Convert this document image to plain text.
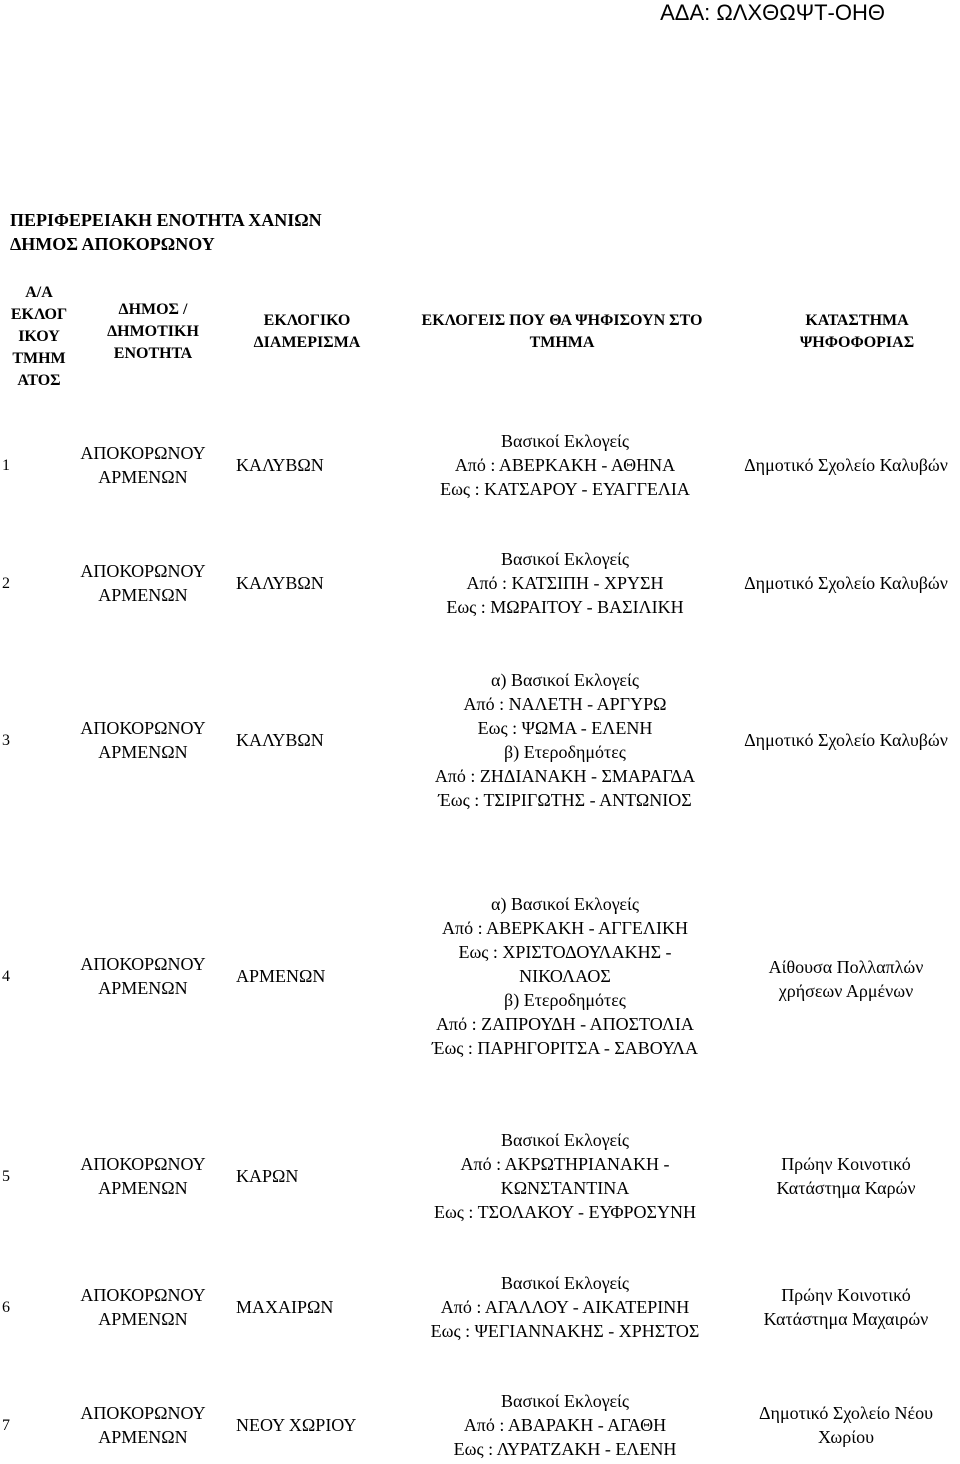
ΑΔΑ: ΩΛΧΘΩΨΤ-ΟΗΘ
ΠΕΡΙΦΕΡΕΙΑΚΗ ΕΝΟΤΗΤΑ ΧΑΝΙΩΝ
ΔΗΜΟΣ ΑΠΟΚΟΡΩΝΟΥ
Α/Α
ΕΚΛΟΓ
ΙΚΟΥ
ΤΜΗΜ
ΑΤΟΣ
ΔΗΜΟΣ /
ΔΗΜΟΤΙΚΗ
ΕΝΟΤΗΤΑ
ΕΚΛΟΓΙΚΟ
ΔΙΑΜΕΡΙΣΜΑ
ΕΚΛΟΓΕΙΣ ΠΟΥ ΘΑ ΨΗΦΙΣΟΥΝ ΣΤΟ
ΤΜΗΜΑ
ΚΑΤΑΣΤΗΜΑ
ΨΗΦΟΦΟΡΙΑΣ
1
ΑΠΟΚΟΡΩΝΟΥ
ΑΡΜΕΝΩΝ
ΚΑΛΥΒΩΝ
Βασικοί Εκλογείς
Από : ΑΒΕΡΚΑΚΗ - ΑΘΗΝΑ
Εως : ΚΑΤΣΑΡΟΥ - ΕΥΑΓΓΕΛΙΑ
Δημοτικό Σχολείο Καλυβών
2
ΑΠΟΚΟΡΩΝΟΥ
ΑΡΜΕΝΩΝ
ΚΑΛΥΒΩΝ
Βασικοί Εκλογείς
Από : ΚΑΤΣΙΠΗ - ΧΡΥΣΗ
Εως : ΜΩΡΑΙΤΟΥ - ΒΑΣΙΛΙΚΗ
Δημοτικό Σχολείο Καλυβών
3
ΑΠΟΚΟΡΩΝΟΥ
ΑΡΜΕΝΩΝ
ΚΑΛΥΒΩΝ
α) Βασικοί Εκλογείς
Από : ΝΑΛΕΤΗ - ΑΡΓΥΡΩ
Εως : ΨΩΜΑ - ΕΛΕΝΗ
β) Ετεροδημότες
Από : ΖΗΔΙΑΝΑΚΗ - ΣΜΑΡΑΓΔΑ
Έως : ΤΣΙΡΙΓΩΤΗΣ - ΑΝΤΩΝΙΟΣ
Δημοτικό Σχολείο Καλυβών
4
ΑΠΟΚΟΡΩΝΟΥ
ΑΡΜΕΝΩΝ
ΑΡΜΕΝΩΝ
α) Βασικοί Εκλογείς
Από : ΑΒΕΡΚΑΚΗ - ΑΓΓΕΛΙΚΗ
Εως : ΧΡΙΣΤΟΔΟΥΛΑΚΗΣ -
ΝΙΚΟΛΑΟΣ
β) Ετεροδημότες
Από : ΖΑΠΡΟΥΔΗ - ΑΠΟΣΤΟΛΙΑ
Έως : ΠΑΡΗΓΟΡΙΤΣΑ - ΣΑΒΟΥΛΑ
Αίθουσα Πολλαπλών
χρήσεων Αρμένων
5
ΑΠΟΚΟΡΩΝΟΥ
ΑΡΜΕΝΩΝ
ΚΑΡΩΝ
Βασικοί Εκλογείς
Από : ΑΚΡΩΤΗΡΙΑΝΑΚΗ -
ΚΩΝΣΤΑΝΤΙΝΑ
Εως : ΤΣΟΛΑΚΟΥ - ΕΥΦΡΟΣΥΝΗ
Πρώην Κοινοτικό
Κατάστημα Καρών
6
ΑΠΟΚΟΡΩΝΟΥ
ΑΡΜΕΝΩΝ
ΜΑΧΑΙΡΩΝ
Βασικοί Εκλογείς
Από : ΑΓΑΛΛΟΥ - ΑΙΚΑΤΕΡΙΝΗ
Εως : ΨΕΓΙΑΝΝΑΚΗΣ - ΧΡΗΣΤΟΣ
Πρώην Κοινοτικό
Κατάστημα Μαχαιρών
7
ΑΠΟΚΟΡΩΝΟΥ
ΑΡΜΕΝΩΝ
ΝΕΟΥ ΧΩΡΙΟΥ
Βασικοί Εκλογείς
Από : ΑΒΑΡΑΚΗ - ΑΓΑΘΗ
Εως : ΛΥΡΑΤΖΑΚΗ - ΕΛΕΝΗ
Δημοτικό Σχολείο Νέου
Χωρίου
